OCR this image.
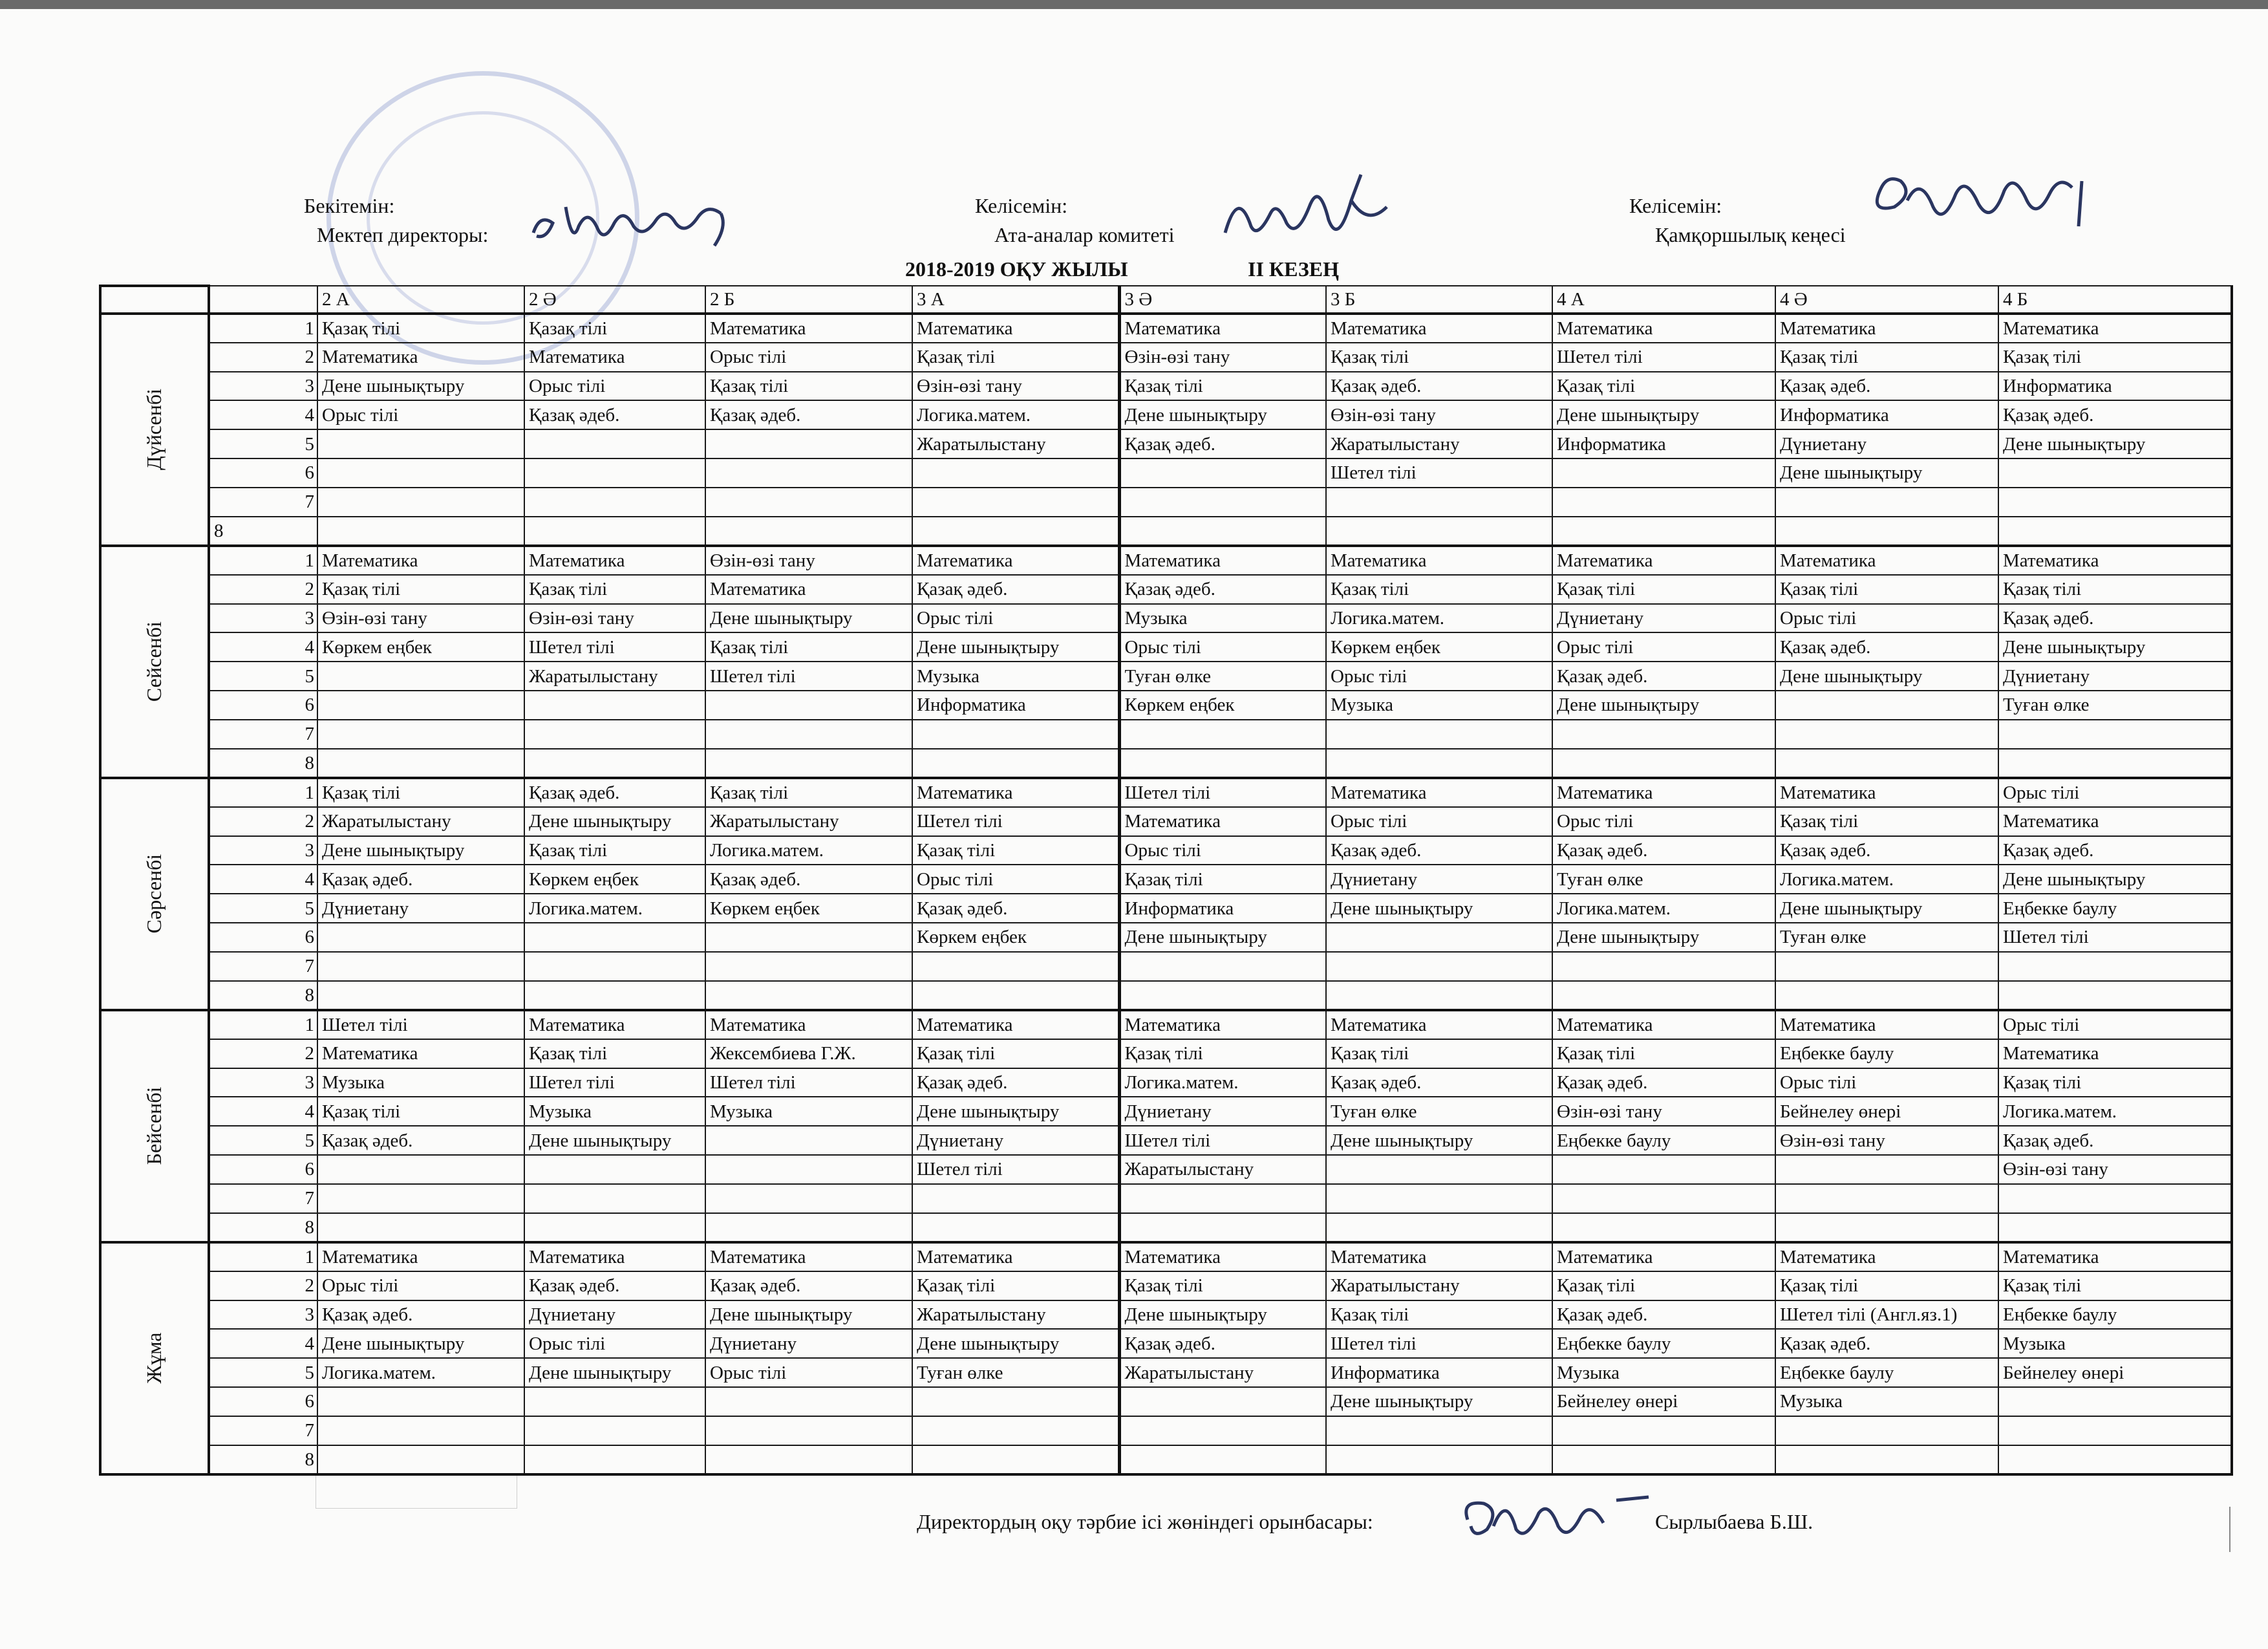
Бекітемін:
Мектеп директоры:
Келісемін:
Ата-аналар комитеті
Келісемін:
Қамқоршылық кеңесі
2018-2019 ОҚУ ЖЫЛЫ	II КЕЗЕҢ
		2 А	2 Ә	2 Б	3 А	3 Ә	3 Б	4 А	4 Ә	4 Б

Дүйсенбі	1	Қазақ тілі	Қазақ тілі	Математика	Математика	Математика	Математика	Математика	Математика	Математика
	2	Математика	Математика	Орыс тілі	Қазақ тілі	Өзін-өзі тану	Қазақ тілі	Шетел тілі	Қазақ тілі	Қазақ тілі
	3	Дене шынықтыру	Орыс тілі	Қазақ тілі	Өзін-өзі тану	Қазақ тілі	Қазақ әдеб.	Қазақ тілі	Қазақ әдеб.	Информатика
	4	Орыс тілі	Қазақ әдеб.	Қазақ әдеб.	Логика.матем.	Дене шынықтыру	Өзін-өзі тану	Дене шынықтыру	Информатика	Қазақ әдеб.
	5				Жаратылыстану	Қазақ әдеб.	Жаратылыстану	Информатика	Дүниетану	Дене шынықтыру
	6						Шетел тілі		Дене шынықтыру	
	7									
	8									

Сейсенбі	1	Математика	Математика	Өзін-өзі тану	Математика	Математика	Математика	Математика	Математика	Математика
	2	Қазақ тілі	Қазақ тілі	Математика	Қазақ әдеб.	Қазақ әдеб.	Қазақ тілі	Қазақ тілі	Қазақ тілі	Қазақ тілі
	3	Өзін-өзі тану	Өзін-өзі тану	Дене шынықтыру	Орыс тілі	Музыка	Логика.матем.	Дүниетану	Орыс тілі	Қазақ әдеб.
	4	Көркем еңбек	Шетел тілі	Қазақ тілі	Дене шынықтыру	Орыс тілі	Көркем еңбек	Орыс тілі	Қазақ әдеб.	Дене шынықтыру
	5		Жаратылыстану	Шетел тілі	Музыка	Туған өлке	Орыс тілі	Қазақ әдеб.	Дене шынықтыру	Дүниетану
	6				Информатика	Көркем еңбек	Музыка	Дене шынықтыру		Туған өлке
	7									
	8									

Сәрсенбі	1	Қазақ тілі	Қазақ әдеб.	Қазақ тілі	Математика	Шетел тілі	Математика	Математика	Математика	Орыс тілі
	2	Жаратылыстану	Дене шынықтыру	Жаратылыстану	Шетел тілі	Математика	Орыс тілі	Орыс тілі	Қазақ тілі	Математика
	3	Дене шынықтыру	Қазақ тілі	Логика.матем.	Қазақ тілі	Орыс тілі	Қазақ әдеб.	Қазақ әдеб.	Қазақ әдеб.	Қазақ әдеб.
	4	Қазақ әдеб.	Көркем еңбек	Қазақ әдеб.	Орыс тілі	Қазақ тілі	Дүниетану	Туған өлке	Логика.матем.	Дене шынықтыру
	5	Дүниетану	Логика.матем.	Көркем еңбек	Қазақ әдеб.	Информатика	Дене шынықтыру	Логика.матем.	Дене шынықтыру	Еңбекке баулу
	6				Көркем еңбек	Дене шынықтыру		Дене шынықтыру	Туған өлке	Шетел тілі
	7									
	8									

Бейсенбі	1	Шетел тілі	Математика	Математика	Математика	Математика	Математика	Математика	Математика	Орыс тілі
	2	Математика	Қазақ тілі	Жексембиева Г.Ж.	Қазақ тілі	Қазақ тілі	Қазақ тілі	Қазақ тілі	Еңбекке баулу	Математика
	3	Музыка	Шетел тілі	Шетел тілі	Қазақ әдеб.	Логика.матем.	Қазақ әдеб.	Қазақ әдеб.	Орыс тілі	Қазақ тілі
	4	Қазақ тілі	Музыка	Музыка	Дене шынықтыру	Дүниетану	Туған өлке	Өзін-өзі тану	Бейнелеу өнері	Логика.матем.
	5	Қазақ әдеб.	Дене шынықтыру		Дүниетану	Шетел тілі	Дене шынықтыру	Еңбекке баулу	Өзін-өзі тану	Қазақ әдеб.
	6				Шетел тілі	Жаратылыстану				Өзін-өзі тану
	7									
	8									

Жұма	1	Математика	Математика	Математика	Математика	Математика	Математика	Математика	Математика	Математика
	2	Орыс тілі	Қазақ әдеб.	Қазақ әдеб.	Қазақ тілі	Қазақ тілі	Жаратылыстану	Қазақ тілі	Қазақ тілі	Қазақ тілі
	3	Қазақ әдеб.	Дүниетану	Дене шынықтыру	Жаратылыстану	Дене шынықтыру	Қазақ тілі	Қазақ әдеб.	Шетел тілі (Англ.яз.1)	Еңбекке баулу
	4	Дене шынықтыру	Орыс тілі	Дүниетану	Дене шынықтыру	Қазақ әдеб.	Шетел тілі	Еңбекке баулу	Қазақ әдеб.	Музыка
	5	Логика.матем.	Дене шынықтыру	Орыс тілі	Туған өлке	Жаратылыстану	Информатика	Музыка	Еңбекке баулу	Бейнелеу өнері
	6						Дене шынықтыру	Бейнелеу өнері	Музыка	
	7									
	8									
Директордың оқу тәрбие ісі жөніндегі орынбасары:	Сырлыбаева Б.Ш.
